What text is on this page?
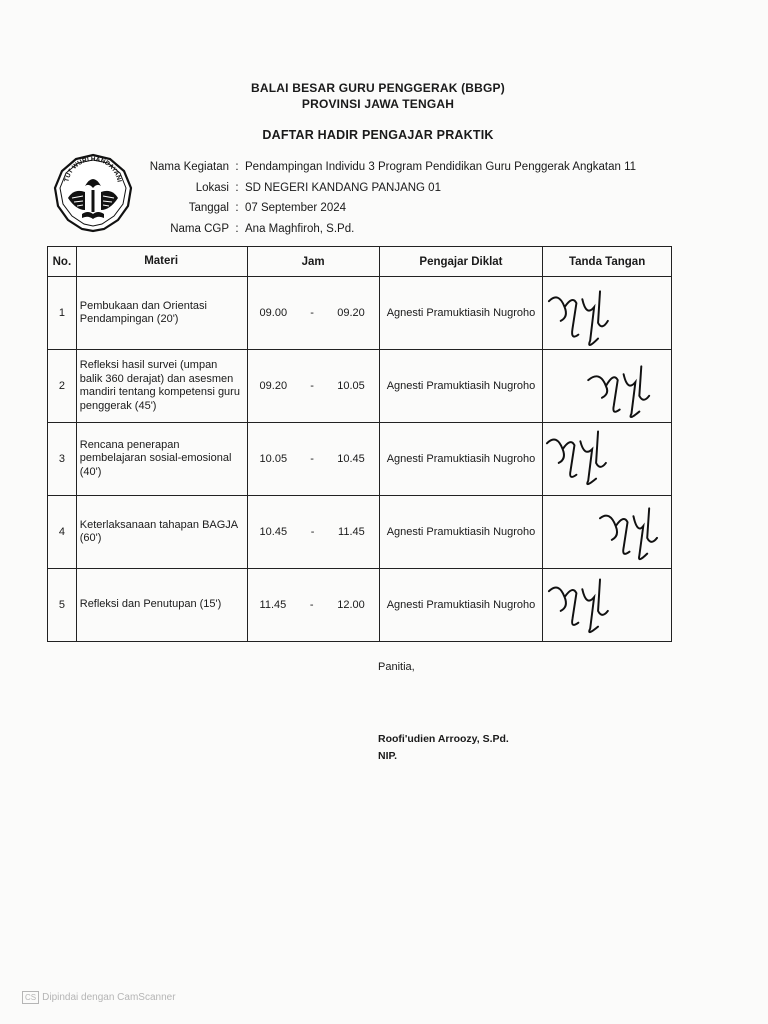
BALAI BESAR GURU PENGGERAK (BBGP)
PROVINSI JAWA TENGAH
DAFTAR HADIR PENGAJAR PRAKTIK
TUT WURI HANDAYANI
Nama Kegiatan : Pendampingan Individu 3 Program Pendidikan Guru Penggerak Angkatan 11
Lokasi : SD NEGERI KANDANG PANJANG 01
Tanggal : 07 September 2024
Nama CGP : Ana Maghfiroh, S.Pd.
No.	Materi	Jam	Pengajar Diklat	Tanda Tangan
1	Pembukaan dan Orientasi Pendampingan (20')	09.00 - 09.20	Agnesti Pramuktiasih Nugroho	

2	Refleksi hasil survei (umpan balik 360 derajat) dan asesmen mandiri tentang kompetensi guru penggerak (45')	09.20 - 10.05	Agnesti Pramuktiasih Nugroho	

3	Rencana penerapan pembelajaran sosial-emosional (40')	10.05 - 10.45	Agnesti Pramuktiasih Nugroho	

4	Keterlaksanaan tahapan BAGJA (60')	10.45 - 11.45	Agnesti Pramuktiasih Nugroho	

5	Refleksi dan Penutupan (15')	11.45 - 12.00	Agnesti Pramuktiasih Nugroho	
Panitia,
Roofi'udien Arroozy, S.Pd.
NIP.
CS Dipindai dengan CamScanner
